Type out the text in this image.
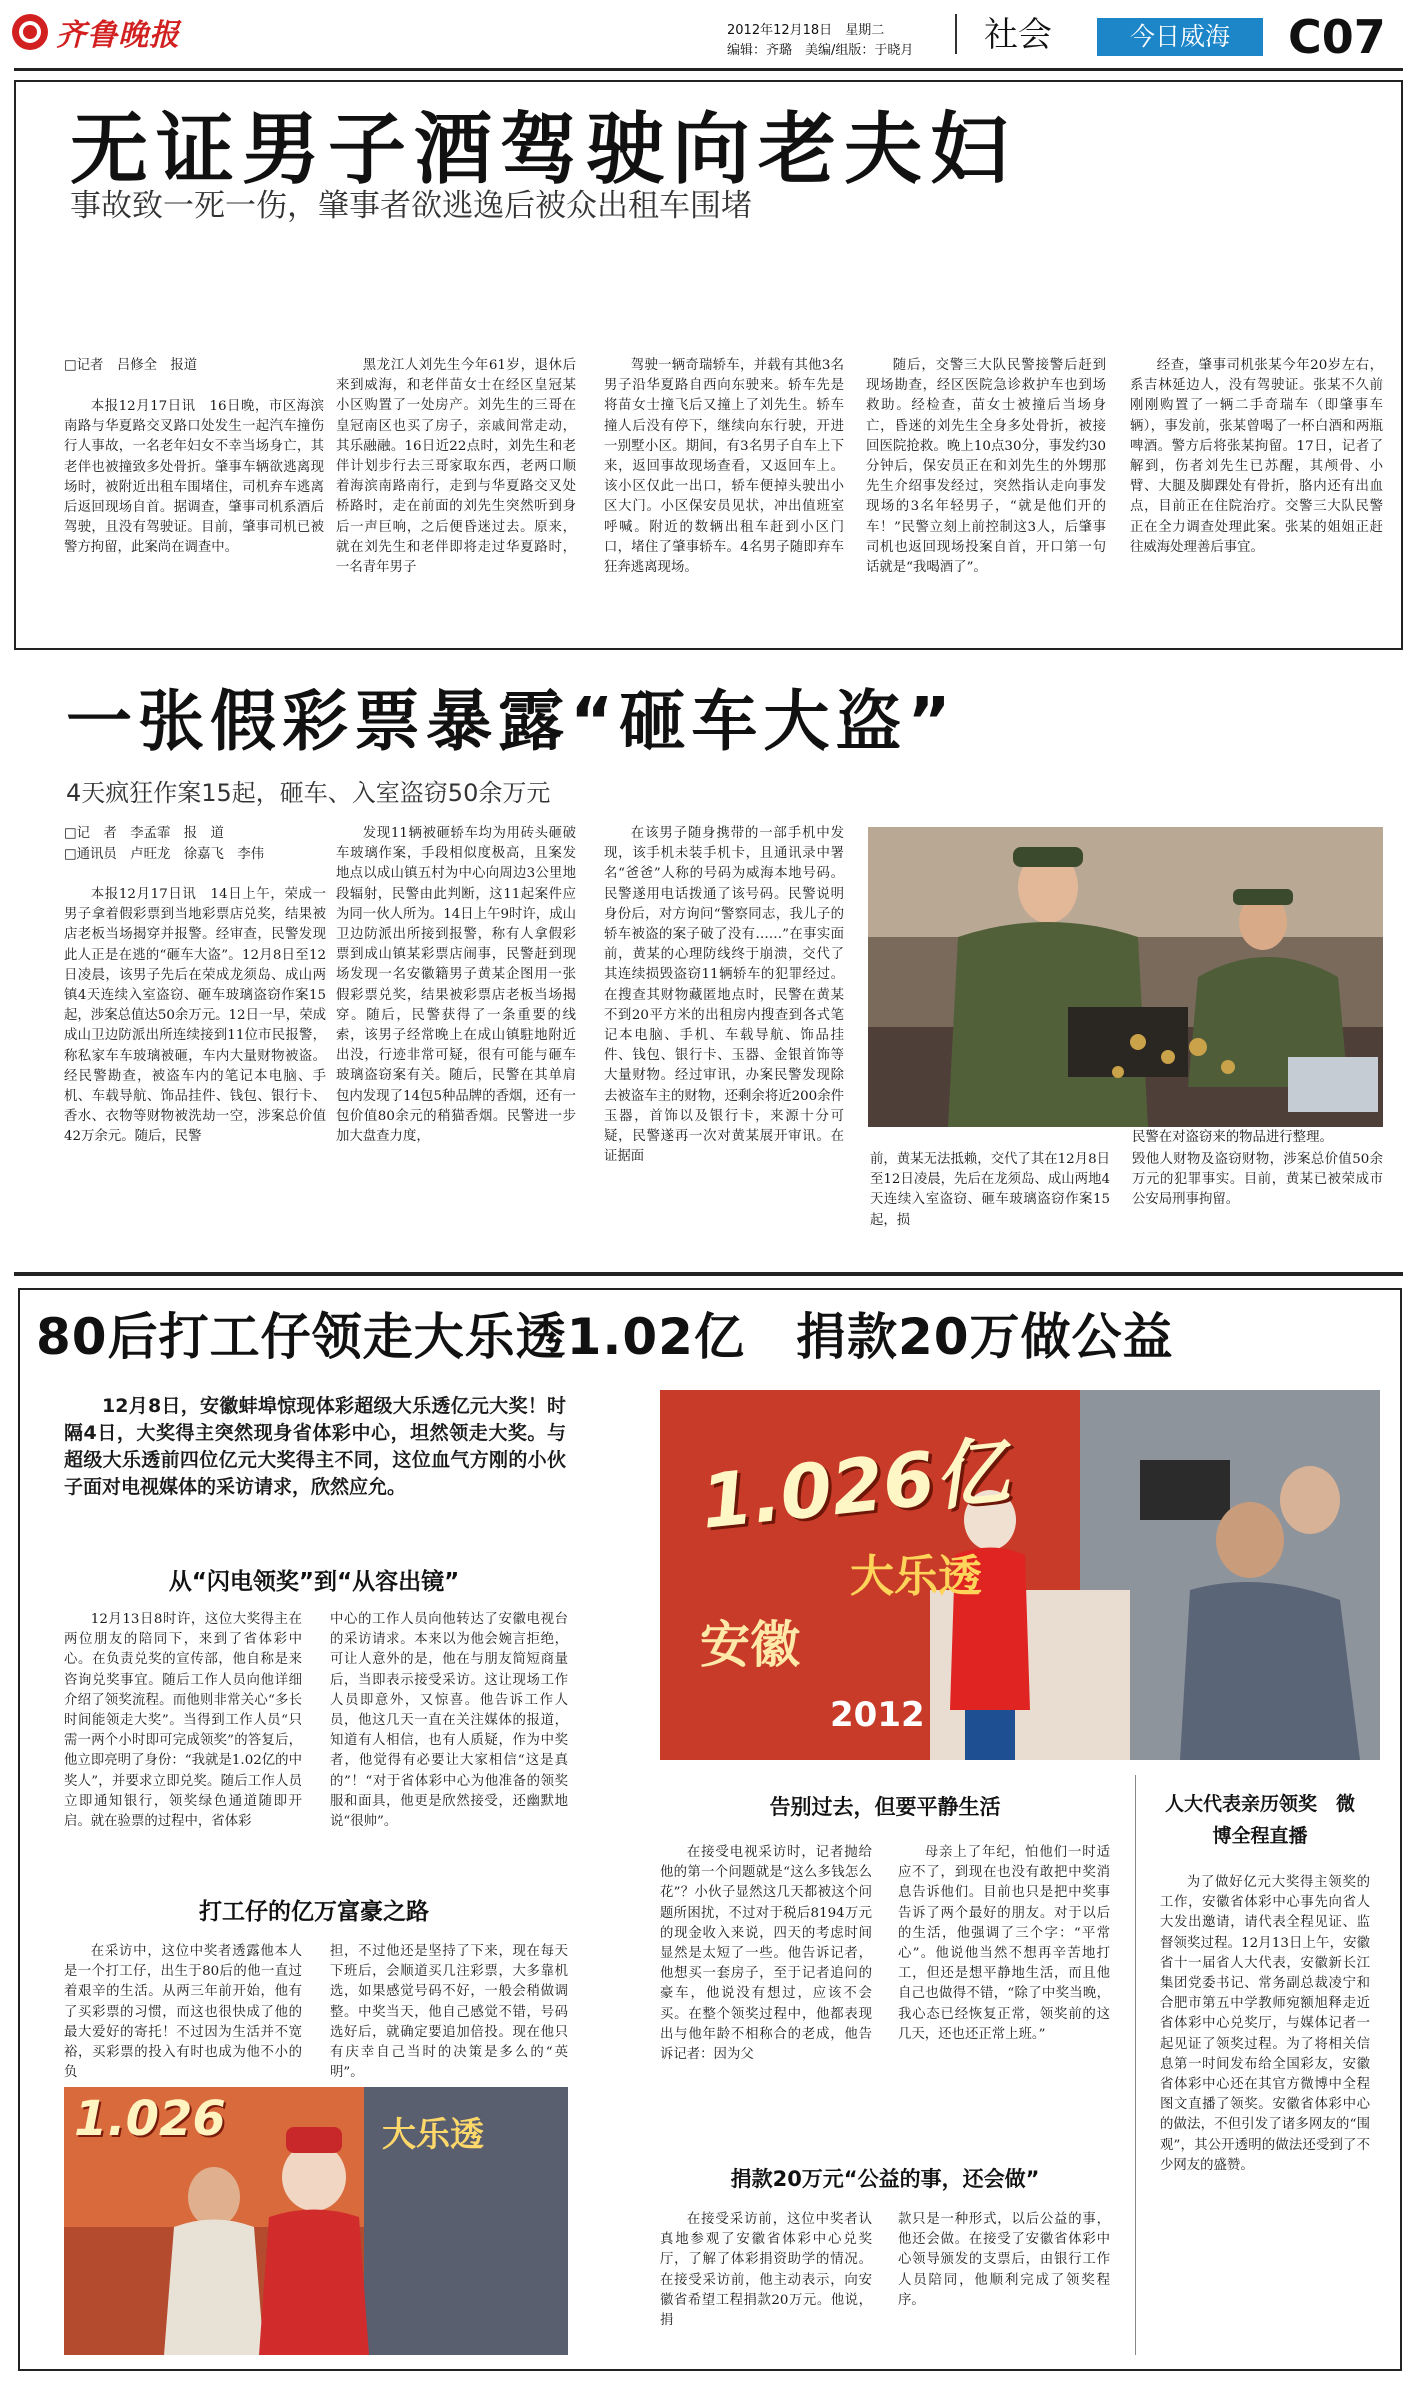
齐鲁晚报	2012年12月18日　 星期二
编辑：齐璐　美编/组版：于晓月 社会	今日威海	C07
无证男子酒驾驶向老夫妇
事故致一死一伤，肇事者欲逃逸后被众出租车围堵
□记者　吕修全　报道

本报12月17日讯　16日晚，市区海滨南路与华夏路交叉路口处发生一起汽车撞伤行人事故，一名老年妇女不幸当场身亡，其老伴也被撞致多处骨折。肇事车辆欲逃离现场时，被附近出租车围堵住，司机弃车逃离后返回现场自首。据调查，肇事司机系酒后驾驶，且没有驾驶证。目前，肇事司机已被警方拘留，此案尚在调查中。

黑龙江人刘先生今年61岁，退休后来到威海，和老伴苗女士在经区皇冠某小区购置了一处房产。刘先生的三哥在皇冠南区也买了房子，亲戚间常走动，其乐融融。16日近22点时，刘先生和老伴计划步行去三哥家取东西，老两口顺着海滨南路南行，走到与华夏路交叉处桥路时，走在前面的刘先生突然听到身后一声巨响，之后便昏迷过去。原来，就在刘先生和老伴即将走过华夏路时，一名青年男子

驾驶一辆奇瑞轿车，并载有其他3名男子沿华夏路自西向东驶来。轿车先是将苗女士撞飞后又撞上了刘先生。轿车撞人后没有停下，继续向东行驶，开进一别墅小区。期间，有3名男子自车上下来，返回事故现场查看，又返回车上。该小区仅此一出口，轿车便掉头驶出小区大门。小区保安员见状，冲出值班室呼喊。附近的数辆出租车赶到小区门口，堵住了肇事轿车。4名男子随即弃车狂奔逃离现场。

随后，交警三大队民警接警后赶到现场勘查，经区医院急诊救护车也到场救助。经检查，苗女士被撞后当场身亡，昏迷的刘先生全身多处骨折，被接回医院抢救。晚上10点30分，事发约30分钟后，保安员正在和刘先生的外甥那先生介绍事发经过，突然指认走向事发现场的3名年轻男子，“就是他们开的车！”民警立刻上前控制这3人，后肇事司机也返回现场投案自首，开口第一句话就是“我喝酒了”。

经查，肇事司机张某今年20岁左右，系吉林延边人，没有驾驶证。张某不久前刚刚购置了一辆二手奇瑞车（即肇事车辆），事发前，张某曾喝了一杯白酒和两瓶啤酒。警方后将张某拘留。17日，记者了解到，伤者刘先生已苏醒，其颅骨、小臂、大腿及脚踝处有骨折，胳内还有出血点，目前正在住院治疗。交警三大队民警正在全力调查处理此案。张某的姐姐正赶往威海处理善后事宜。

一张假彩票暴露“砸车大盗”
4天疯狂作案15起，砸车、入室盗窃50余万元
□记　者　李孟霏　报　道
□通讯员　卢旺龙　徐嘉飞　李伟

本报12月17日讯　14日上午，荣成一男子拿着假彩票到当地彩票店兑奖，结果被店老板当场揭穿并报警。经审查，民警发现此人正是在逃的“砸车大盗”。12月8日至12日凌晨，该男子先后在荣成龙须岛、成山两镇4天连续入室盗窃、砸车玻璃盗窃作案15起，涉案总值达50余万元。12日一早，荣成成山卫边防派出所连续接到11位市民报警，称私家车车玻璃被砸，车内大量财物被盗。经民警勘查，被盗车内的笔记本电脑、手机、车载导航、饰品挂件、钱包、银行卡、香水、衣物等财物被洗劫一空，涉案总价值42万余元。随后，民警

发现11辆被砸轿车均为用砖头砸破车玻璃作案，手段相似度极高，且案发地点以成山镇五村为中心向周边3公里地段辐射，民警由此判断，这11起案件应为同一伙人所为。14日上午9时许，成山卫边防派出所接到报警，称有人拿假彩票到成山镇某彩票店闹事，民警赶到现场发现一名安徽籍男子黄某企图用一张假彩票兑奖，结果被彩票店老板当场揭穿。随后，民警获得了一条重要的线索，该男子经常晚上在成山镇駐地附近出没，行迹非常可疑，很有可能与砸车玻璃盗窃案有关。随后，民警在其单肩包内发现了14包5种品牌的香烟，还有一包价值80余元的稍猫香烟。民警进一步加大盘查力度，

在该男子随身携带的一部手机中发现，该手机未装手机卡，且通讯录中署名“爸爸”人称的号码为威海本地号码。民警遂用电话拨通了该号码。民警说明身份后，对方询问“警察同志，我儿子的轿车被盗的案子破了没有……”在事实面前，黄某的心理防线终于崩溃，交代了其连续损毁盗窃11辆轿车的犯罪经过。在搜查其财物藏匿地点时，民警在黄某不到20平方米的出租房内搜查到各式笔记本电脑、手机、车载导航、饰品挂件、钱包、银行卡、玉器、金银首饰等大量财物。经过审讯，办案民警发现除去被盗车主的财物，还剩余将近200余件玉器，首饰以及银行卡，来源十分可疑，民警遂再一次对黄某展开审讯。在证据面

民警在对盗窃来的物品进行整理。

前，黄某无法抵赖，交代了其在12月8日至12日凌晨，先后在龙须岛、成山两地4天连续入室盗窃、砸车玻璃盗窃作案15起，损

毁他人财物及盗窃财物，涉案总价值50余万元的犯罪事实。目前，黄某已被荣成市公安局刑事拘留。

80后打工仔领走大乐透1.02亿　捐款20万做公益

12月8日，安徽蚌埠惊现体彩超级大乐透亿元大奖！时隔4日，大奖得主突然现身省体彩中心，坦然领走大奖。与超级大乐透前四位亿元大奖得主不同，这位血气方刚的小伙子面对电视媒体的采访请求，欣然应允。

从“闪电领奖”到“从容出镜”

12月13日8时许，这位大奖得主在两位朋友的陪同下，来到了省体彩中心。在负责兑奖的宣传部，他自称是来咨询兑奖事宜。随后工作人员向他详细介绍了领奖流程。而他则非常关心“多长时间能领走大奖”。当得到工作人员“只需一两个小时即可完成领奖”的答复后，他立即亮明了身份：“我就是1.02亿的中奖人”，并要求立即兑奖。随后工作人员立即通知银行，领奖绿色通道随即开启。就在验票的过程中，省体彩

中心的工作人员向他转达了安徽电视台的采访请求。本来以为他会婉言拒绝，可让人意外的是，他在与朋友简短商量后，当即表示接受采访。这让现场工作人员即意外，又惊喜。他告诉工作人员，他这几天一直在关注媒体的报道，知道有人相信，也有人质疑，作为中奖者，他觉得有必要让大家相信“这是真的”！“对于省体彩中心为他准备的领奖服和面具，他更是欣然接受，还幽默地说“很帅”。

打工仔的亿万富豪之路

在采访中，这位中奖者透露他本人是一个打工仔，出生于80后的他一直过着艰辛的生活。从两三年前开始，他有了买彩票的习惯，而这也很快成了他的最大爱好的寄托！不过因为生活并不宽裕，买彩票的投入有时也成为他不小的负

担，不过他还是坚持了下来，现在每天下班后，会顺道买几注彩票，大多靠机选，如果感觉号码不好，一般会稍做调整。中奖当天，他自己感觉不错，号码选好后，就确定要追加倍投。现在他只有庆幸自己当时的决策是多么的“英明”。

1.026	大乐透
1.026亿
大乐透
安徽
2012
告别过去，但要平静生活

在接受电视采访时，记者抛给他的第一个问题就是“这么多钱怎么花”？小伙子显然这几天都被这个问题所困扰，不过对于税后8194万元的现金收入来说，四天的考虑时间显然是太短了一些。他告诉记者，他想买一套房子，至于记者追问的豪车，他说没有想过，应该不会买。在整个领奖过程中，他都表现出与他年龄不相称合的老成，他告诉记者：因为父

母亲上了年纪，怕他们一时适应不了，到现在也没有敢把中奖消息告诉他们。目前也只是把中奖事告诉了两个最好的朋友。对于以后的生活，他强调了三个字：“平常心”。他说他当然不想再辛苦地打工，但还是想平静地生活，而且他自己也做得不错，“除了中奖当晚，我心态已经恢复正常，领奖前的这几天，还也还正常上班。”

捐款20万元“公益的事，还会做”

在接受采访前，这位中奖者认真地参观了安徽省体彩中心兑奖厅，了解了体彩捐资助学的情况。在接受采访前，他主动表示，向安徽省希望工程捐款20万元。他说，捐

款只是一种形式，以后公益的事，他还会做。在接受了安徽省体彩中心领导颁发的支票后，由银行工作人员陪同，他顺利完成了领奖程序。

人大代表亲历领奖　微博全程直播

为了做好亿元大奖得主领奖的工作，安徽省体彩中心事先向省人大发出邀请，请代表全程见证、监督领奖过程。12月13日上午，安徽省十一届省人大代表，安徽新长江集团党委书记、常务副总裁凌宁和合肥市第五中学教师宛额旭释走近省体彩中心兑奖厅，与媒体记者一起见证了领奖过程。为了将相关信息第一时间发布给全国彩友，安徽省体彩中心还在其官方微博中全程图文直播了领奖。安徽省体彩中心的做法，不但引发了诸多网友的“围观”，其公开透明的做法还受到了不少网友的盛赞。
